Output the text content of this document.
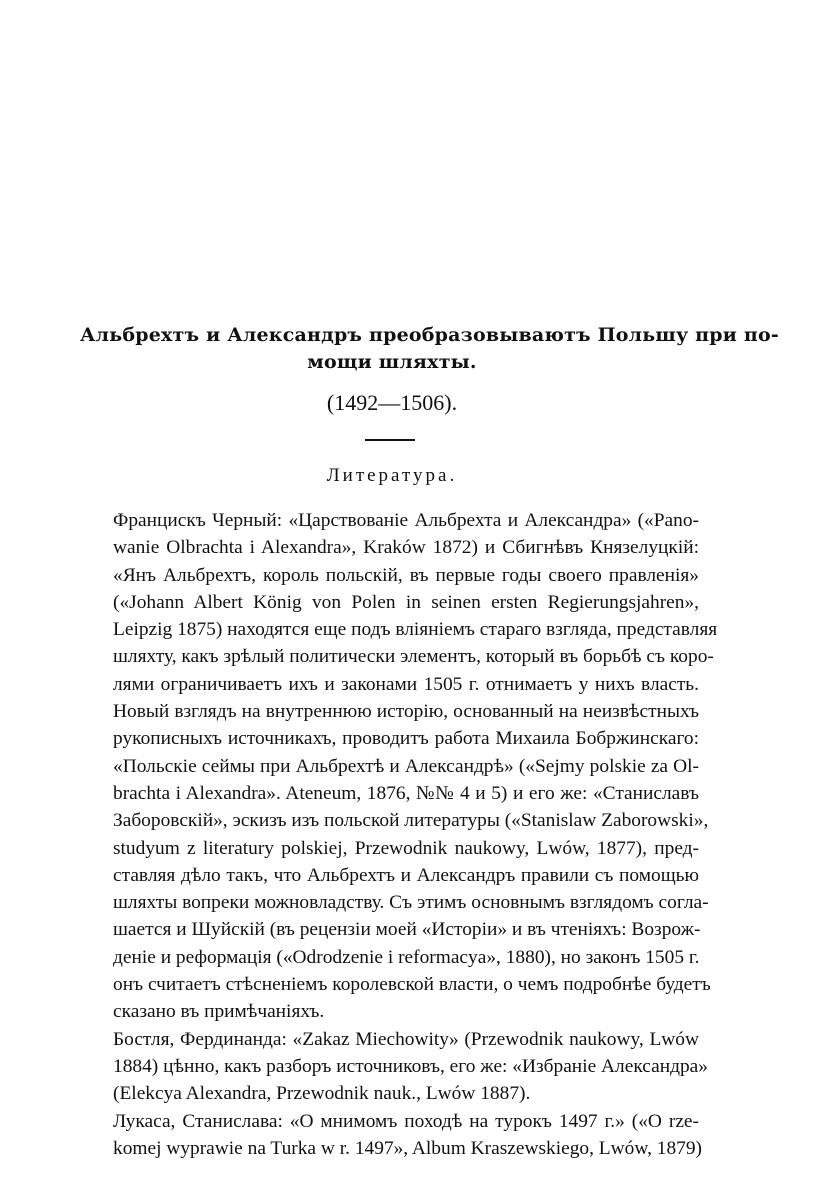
Альбрехтъ и Александръ преобразовываютъ Польшу при по-
мощи шляхты.
(1492—1506).
Литература.

Францискъ Черный: «Царствованіе Альбрехта и Александра» («Pano-
wanie Olbrachta i Alexandra», Kraków 1872) и Сбигнѣвъ Князелуцкій:
«Янъ Альбрехтъ, король польскій, въ первые годы своего правленія»
(«Johann Albert König von Polen in seinen ersten Regierungsjahren»,
Leipzig 1875) находятся еще подъ вліяніемъ стараго взгляда, представляя
шляхту, какъ зрѣлый политически элементъ, который въ борьбѣ съ коро-
лями ограничиваетъ ихъ и законами 1505 г. отнимаетъ у нихъ власть.

Новый взглядъ на внутреннюю исторію, основанный на неизвѣстныхъ
рукописныхъ источникахъ, проводитъ работа Михаила Бобржинскаго:
«Польскіе сеймы при Альбрехтѣ и Александрѣ» («Sejmy polskie za Ol-
brachta i Alexandra». Ateneum, 1876, №№ 4 и 5) и его же: «Станиславъ
Заборовскій», эскизъ изъ польской литературы («Stanislaw Zaborowski»,
studyum z literatury polskiej, Przewodnik naukowy, Lwów, 1877), пред-
ставляя дѣло такъ, что Альбрехтъ и Александръ правили съ помощью
шляхты вопреки можновладству. Съ этимъ основнымъ взглядомъ согла-
шается и Шуйскій (въ рецензіи моей «Исторіи» и въ чтеніяхъ: Возрож-
деніе и реформація («Odrodzenie i reformacya», 1880), но законъ 1505 г.
онъ считаетъ стѣсненіемъ королевской власти, о чемъ подробнѣе будетъ
сказано въ примѣчаніяхъ.

Бостля, Фердинанда: «Zakaz Miechowity» (Przewodnik naukowy, Lwów
1884) цѣнно, какъ разборъ источниковъ, его же: «Избраніе Александра»
(Elekcya Alexandra, Przewodnik nauk., Lwów 1887).

Лукаса, Станислава: «О мнимомъ походѣ на турокъ 1497 г.» («O rze-
komej wyprawie na Turka w r. 1497», Album Kraszewskiego, Lwów, 1879)
